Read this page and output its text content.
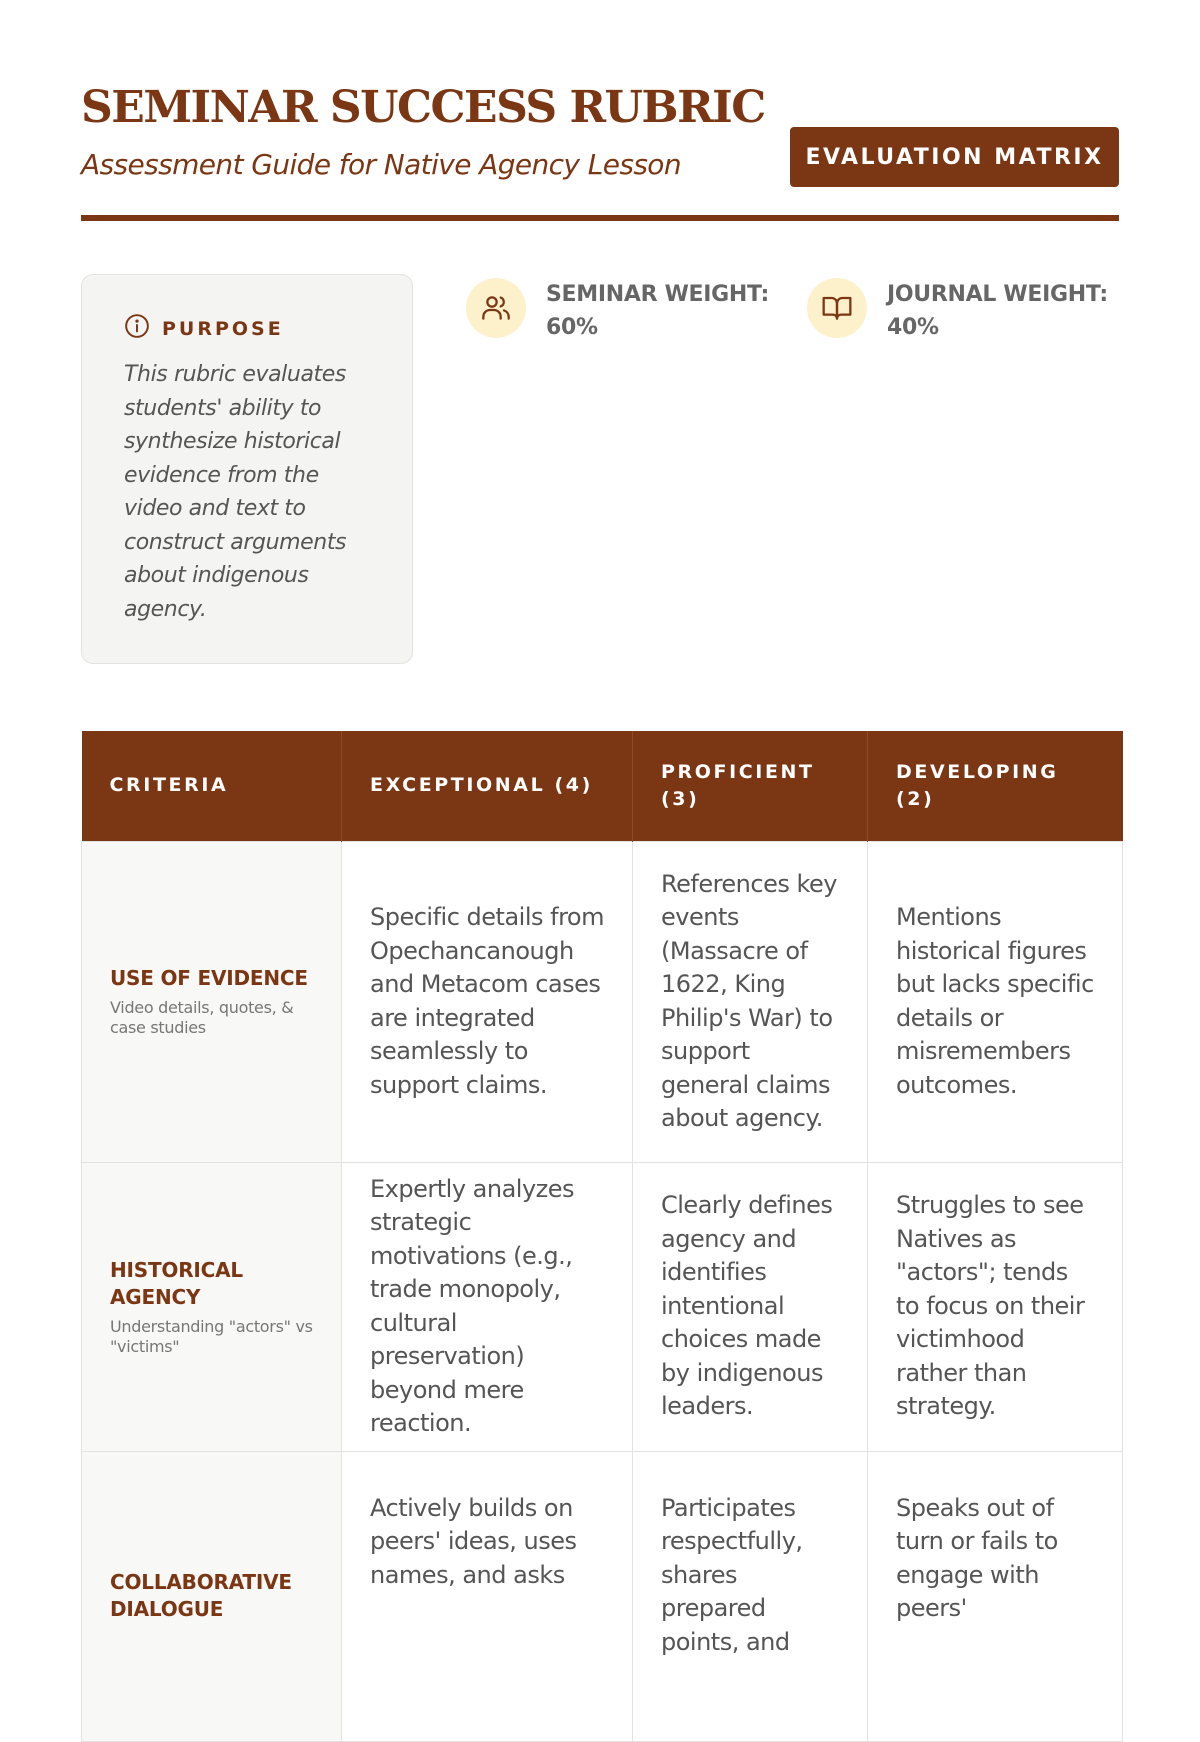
SEMINAR SUCCESS RUBRIC
Assessment Guide for Native Agency Lesson	EVALUATION MATRIX
PURPOSE

This rubric evaluates students' ability to synthesize historical evidence from the video and text to construct arguments about indigenous agency.

SEMINAR WEIGHT:
60%
JOURNAL WEIGHT:
40%
CRITERIA	EXCEPTIONAL (4)	PROFICIENT (3)	DEVELOPING (2)

USE OF EVIDENCE
Video details, quotes, & case studies	Specific details from Opechancanough and Metacom cases are integrated seamlessly to support claims.	References key events (Massacre of 1622, King Philip's War) to support general claims about agency.	Mentions historical figures but lacks specific details or misremembers outcomes.

HISTORICAL AGENCY
Understanding "actors" vs "victims"	Expertly analyzes strategic motivations (e.g., trade monopoly, cultural preservation) beyond mere reaction.	Clearly defines agency and identifies intentional choices made by indigenous leaders.	Struggles to see Natives as "actors"; tends to focus on their victimhood rather than strategy.

COLLABORATIVE DIALOGUE	Actively builds on peers' ideas, uses names, and asks	Participates respectfully, shares prepared points, and	Speaks out of turn or fails to engage with peers'
